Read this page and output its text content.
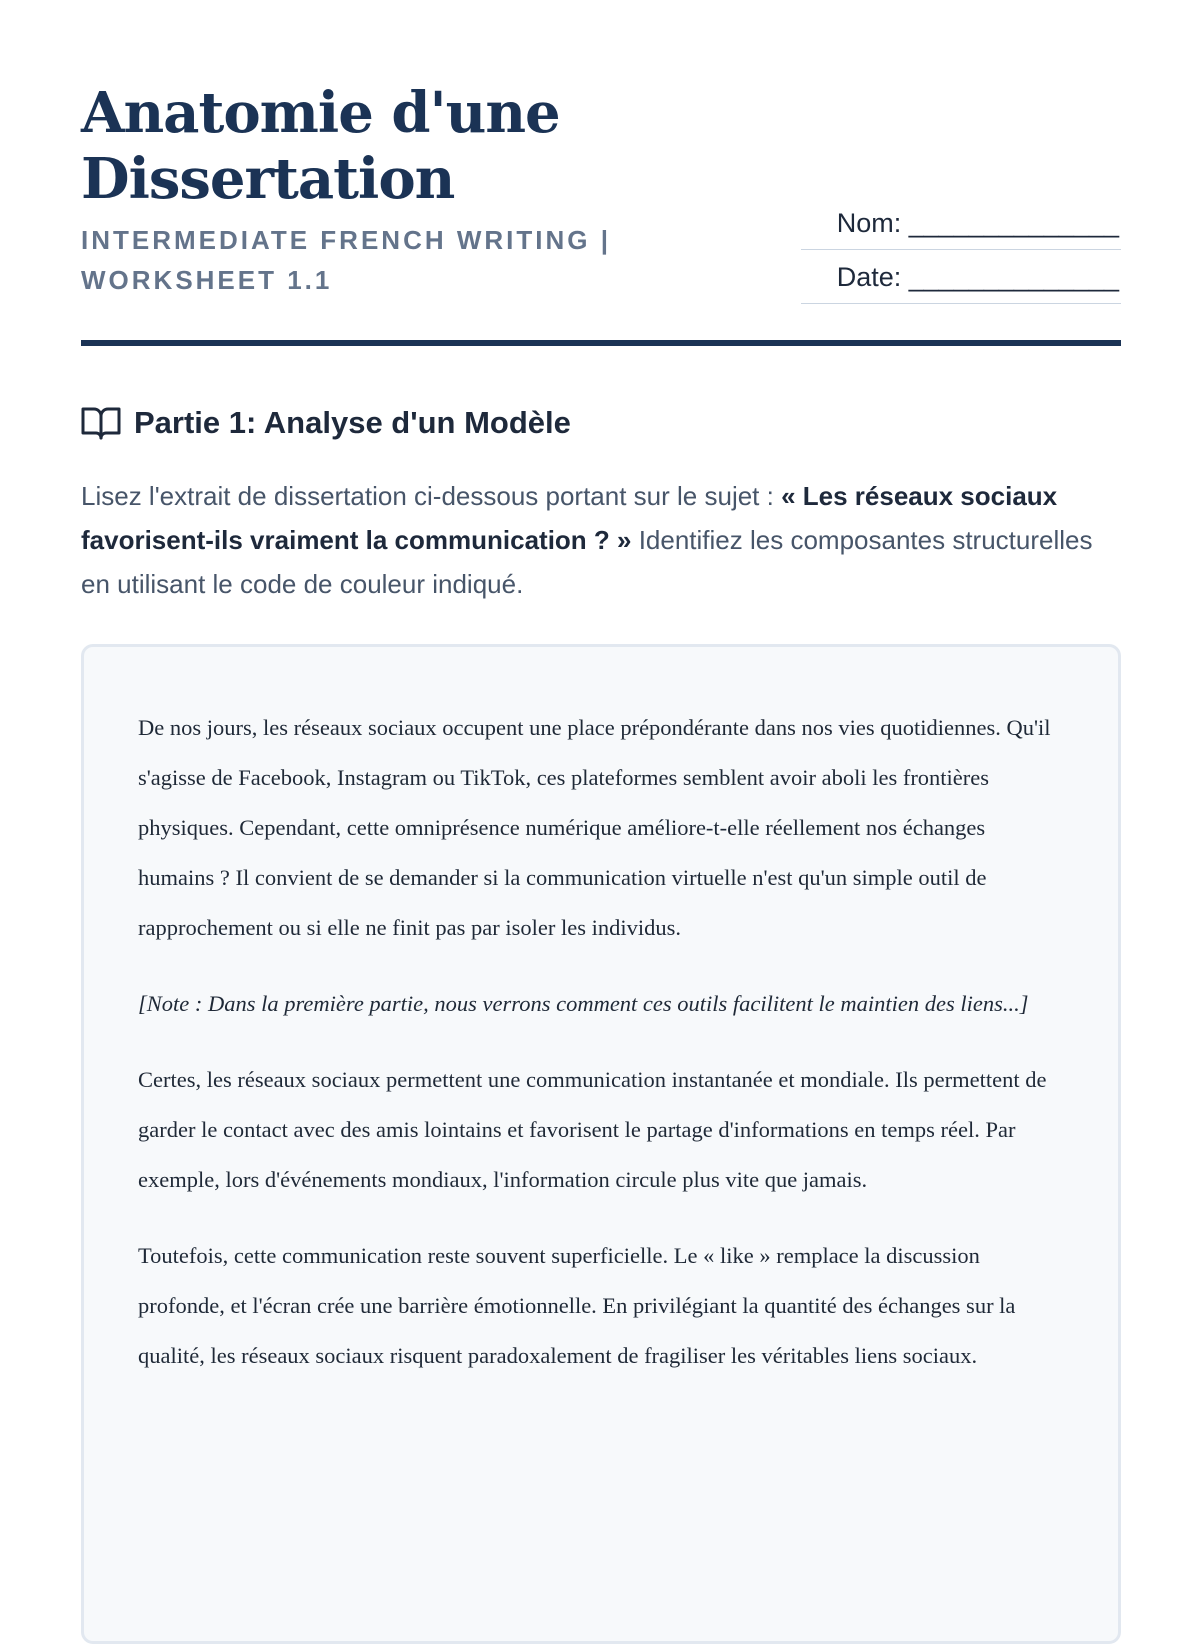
Anatomie d'une Dissertation
INTERMEDIATE FRENCH WRITING | WORKSHEET 1.1
Nom: ______________
Date: ______________
Partie 1: Analyse d'un Modèle

Lisez l'extrait de dissertation ci-dessous portant sur le sujet : « Les réseaux sociaux favorisent-ils vraiment la communication ? » Identifiez les composantes structurelles en utilisant le code de couleur indiqué.

De nos jours, les réseaux sociaux occupent une place prépondérante dans nos vies quotidiennes. Qu'il s'agisse de Facebook, Instagram ou TikTok, ces plateformes semblent avoir aboli les frontières physiques. Cependant, cette omniprésence numérique améliore-t-elle réellement nos échanges humains ? Il convient de se demander si la communication virtuelle n'est qu'un simple outil de rapprochement ou si elle ne finit pas par isoler les individus.

[Note : Dans la première partie, nous verrons comment ces outils facilitent le maintien des liens...]

Certes, les réseaux sociaux permettent une communication instantanée et mondiale. Ils permettent de garder le contact avec des amis lointains et favorisent le partage d'informations en temps réel. Par exemple, lors d'événements mondiaux, l'information circule plus vite que jamais.

Toutefois, cette communication reste souvent superficielle. Le « like » remplace la discussion profonde, et l'écran crée une barrière émotionnelle. En privilégiant la quantité des échanges sur la qualité, les réseaux sociaux risquent paradoxalement de fragiliser les véritables liens sociaux.
